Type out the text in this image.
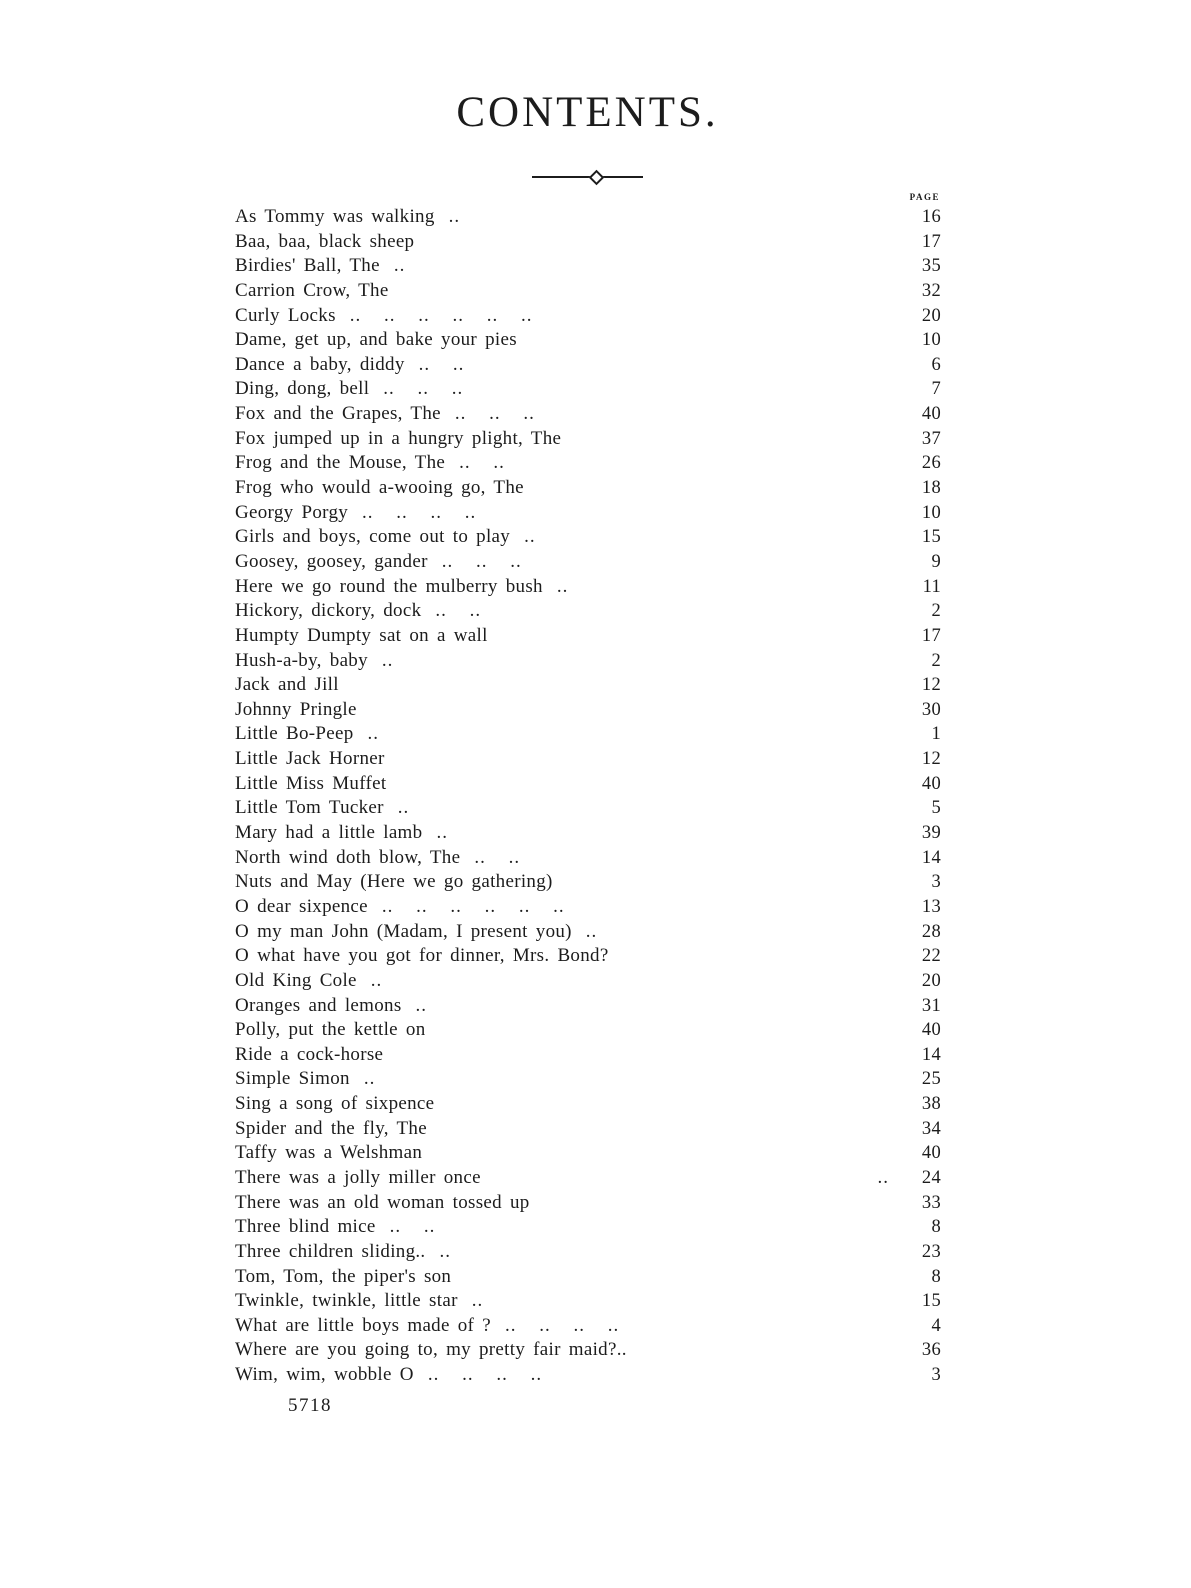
CONTENTS.
PAGE
As Tommy was walking ..	16
Baa, baa, black sheep	17
Birdies' Ball, The ..	35
Carrion Crow, The	32
Curly Locks .. .. .. .. .. ..	20
Dame, get up, and bake your pies	10
Dance a baby, diddy .. ..	6
Ding, dong, bell .. .. ..	7
Fox and the Grapes, The .. .. ..	40
Fox jumped up in a hungry plight, The	37
Frog and the Mouse, The .. ..	26
Frog who would a-wooing go, The	18
Georgy Porgy .. .. .. ..	10
Girls and boys, come out to play ..	15
Goosey, goosey, gander .. .. ..	9
Here we go round the mulberry bush ..	11
Hickory, dickory, dock .. ..	2
Humpty Dumpty sat on a wall	17
Hush-a-by, baby ..	2
Jack and Jill	12
Johnny Pringle	30
Little Bo-Peep ..	1
Little Jack Horner	12
Little Miss Muffet	40
Little Tom Tucker ..	5
Mary had a little lamb ..	39
North wind doth blow, The .. ..	14
Nuts and May (Here we go gathering)	3
O dear sixpence .. .. .. .. .. ..	13
O my man John (Madam, I present you) ..	28
O what have you got for dinner, Mrs. Bond?	22
Old King Cole ..	20
Oranges and lemons ..	31
Polly, put the kettle on	40
Ride a cock-horse	14
Simple Simon ..	25
Sing a song of sixpence	38
Spider and the fly, The	34
Taffy was a Welshman	40
There was a jolly miller once	..	24
There was an old woman tossed up	33
Three blind mice .. ..	8
Three children sliding.. ..	23
Tom, Tom, the piper's son	8
Twinkle, twinkle, little star ..	15
What are little boys made of ? .. .. .. ..	4
Where are you going to, my pretty fair maid?..	36
Wim, wim, wobble O .. .. .. ..	3
5718
